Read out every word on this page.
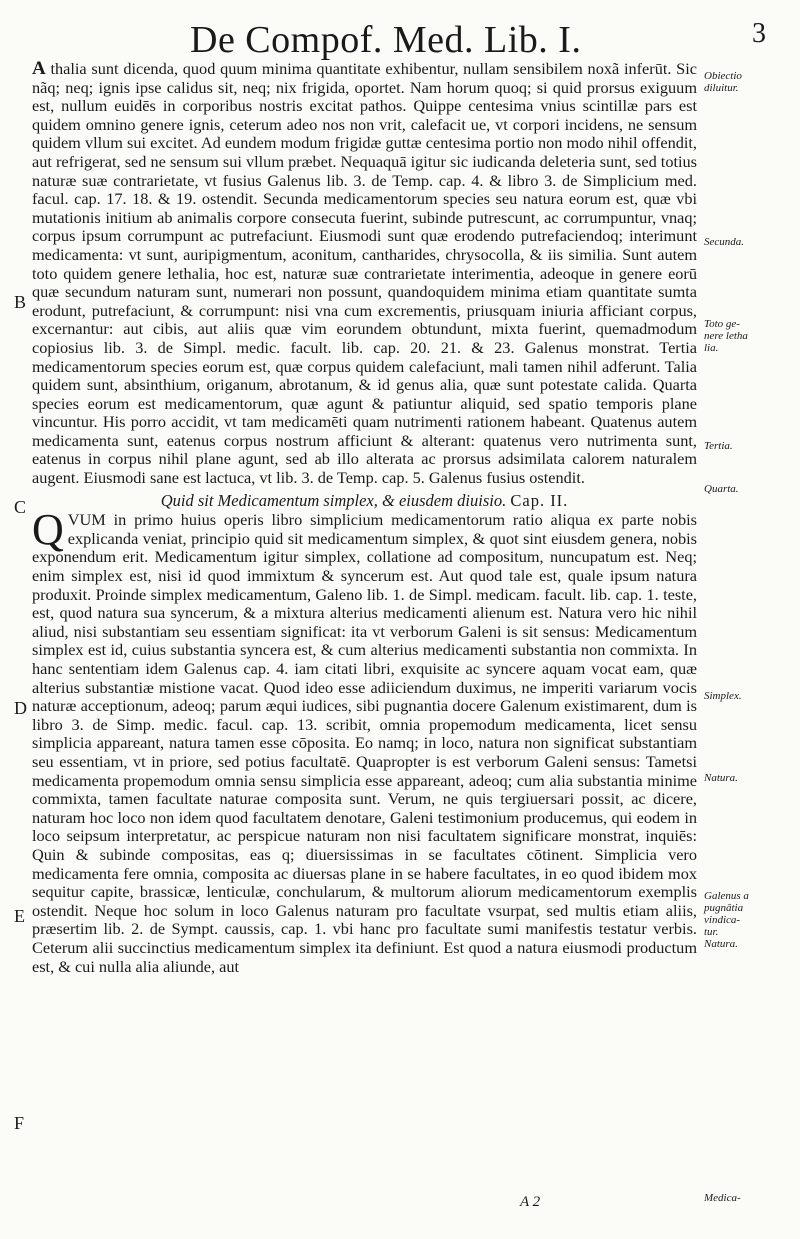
De Compof. Med. Lib. I.	3

A thalia sunt dicenda, quod quum minima quantitate exhibentur, nullam sensibilem noxã inferūt. Sic nãq; neq; ignis ipse calidus sit, neq; nix frigida, oportet. Nam horum quoq; si quid prorsus exiguum est, nullum euidēs in corporibus nostris excitat pathos. Quippe centesima vnius scintillæ pars est quidem omnino genere ignis, ceterum adeo nos non vrit, calefacit ue, vt corpori incidens, ne sensum quidem vllum sui excitet. Ad eundem modum frigidæ guttæ centesima portio non modo nihil offendit, aut refrigerat, sed ne sensum sui vllum præbet. Nequaquā igitur sic iudicanda deleteria sunt, sed totius naturæ suæ contrarietate, vt fusius Galenus lib. 3. de Temp. cap. 4. & libro 3. de Simplicium med. facul. cap. 17. 18. & 19. ostendit. Secunda medicamentorum species seu natura eorum est, quæ vbi mutationis initium ab animalis corpore consecuta fuerint, subinde putrescunt, ac corrumpuntur, vnaq; corpus ipsum corrumpunt ac putrefaciunt. Eiusmodi sunt quæ erodendo putrefaciendoq; interimunt medicamenta: vt sunt, auripigmentum, aconitum, cantharides, chrysocolla, & iis similia. Sunt autem toto quidem genere lethalia, hoc est, naturæ suæ contrarietate interimentia, adeoque in genere eorū quæ secundum naturam sunt, numerari non possunt, quandoquidem minima etiam quantitate sumta erodunt, putrefaciunt, & corrumpunt: nisi vna cum excrementis, priusquam iniuria afficiant corpus, excernantur: aut cibis, aut aliis quæ vim eorundem obtundunt, mixta fuerint, quemadmodum copiosius lib. 3. de Simpl. medic. facult. lib. cap. 20. 21. & 23. Galenus monstrat. Tertia medicamentorum species eorum est, quæ corpus quidem calefaciunt, mali tamen nihil adferunt. Talia quidem sunt, absinthium, origanum, abrotanum, & id genus alia, quæ sunt potestate calida. Quarta species eorum est medicamentorum, quæ agunt & patiuntur aliquid, sed spatio temporis plane vincuntur. His porro accidit, vt tam medicamēti quam nutrimenti rationem habeant. Quatenus autem medicamenta sunt, eatenus corpus nostrum afficiunt & alterant: quatenus vero nutrimenta sunt, eatenus in corpus nihil plane agunt, sed ab illo alterata ac prorsus adsimilata calorem naturalem augent. Eiusmodi sane est lactuca, vt lib. 3. de Temp. cap. 5. Galenus fusius ostendit.

Quid sit Medicamentum simplex, & eiusdem diuisio. Cap. II.

QVUM in primo huius operis libro simplicium medicamentorum ratio aliqua ex parte nobis explicanda veniat, principio quid sit medicamentum simplex, & quot sint eiusdem genera, nobis exponendum erit. Medicamentum igitur simplex, collatione ad compositum, nuncupatum est. Neq; enim simplex est, nisi id quod immixtum & syncerum est. Aut quod tale est, quale ipsum natura produxit. Proinde simplex medicamentum, Galeno lib. 1. de Simpl. medicam. facult. lib. cap. 1. teste, est, quod natura sua syncerum, & a mixtura alterius medicamenti alienum est. Natura vero hic nihil aliud, nisi substantiam seu essentiam significat: ita vt verborum Galeni is sit sensus: Medicamentum simplex est id, cuius substantia syncera est, & cum alterius medicamenti substantia non commixta. In hanc sententiam idem Galenus cap. 4. iam citati libri, exquisite ac syncere aquam vocat eam, quæ alterius substantiæ mistione vacat. Quod ideo esse adiiciendum duximus, ne imperiti variarum vocis naturæ acceptionum, adeoq; parum æqui iudices, sibi pugnantia docere Galenum existimarent, dum is libro 3. de Simp. medic. facul. cap. 13. scribit, omnia propemodum medicamenta, licet sensu simplicia appareant, natura tamen esse cōposita. Eo namq; in loco, natura non significat substantiam seu essentiam, vt in priore, sed potius facultatē. Quapropter is est verborum Galeni sensus: Tametsi medicamenta propemodum omnia sensu simplicia esse appareant, adeoq; cum alia substantia minime commixta, tamen facultate naturae composita sunt. Verum, ne quis tergiuersari possit, ac dicere, naturam hoc loco non idem quod facultatem denotare, Galeni testimonium producemus, qui eodem in loco seipsum interpretatur, ac perspicue naturam non nisi facultatem significare monstrat, inquiēs: Quin & subinde compositas, eas q; diuersissimas in se facultates cōtinent. Simplicia vero medicamenta fere omnia, composita ac diuersas plane in se habere facultates, in eo quod ibidem mox sequitur capite, brassicæ, lenticulæ, conchularum, & multorum aliorum medicamentorum exemplis ostendit. Neque hoc solum in loco Galenus naturam pro facultate vsurpat, sed multis etiam aliis, præsertim lib. 2. de Sympt. caussis, cap. 1. vbi hanc pro facultate sumi manifestis testatur verbis. Ceterum alii succinctius medicamentum simplex ita definiunt. Est quod a natura eiusmodi productum est, & cui nulla alia aliunde, aut

B
C
D
E
F
Obiectio
diluitur.
Secunda.
Toto ge-
nere letha
lia.
Tertia.
Quarta.
Simplex.
Natura.
Galenus a
pugnātia
vindica-
tur.
Natura.
Medica-
A 2
